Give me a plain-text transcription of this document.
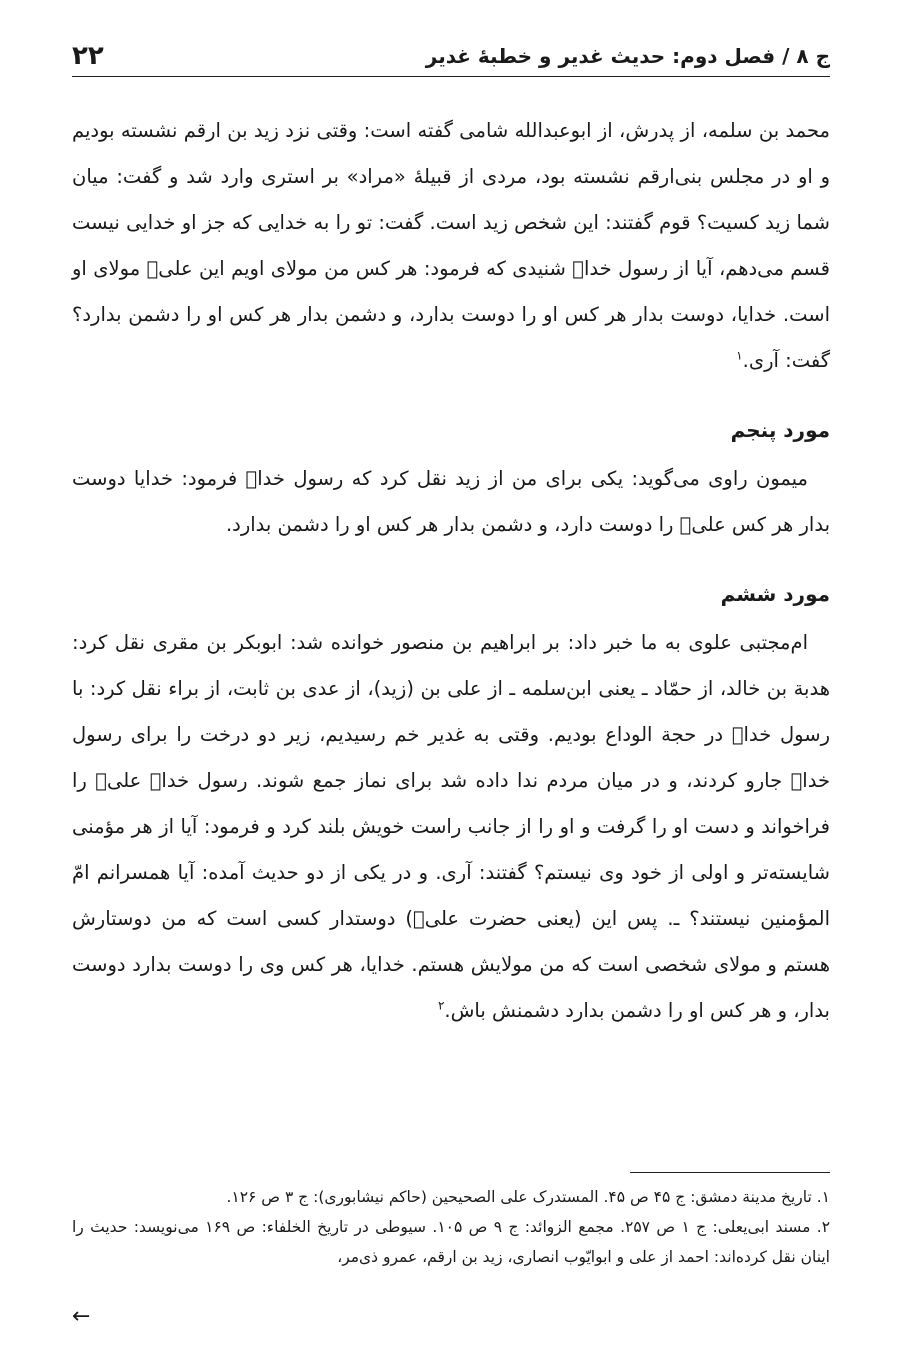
ج ۸ / فصل دوم: حدیث غدیر و خطبهٔ غدیر
۲۲

محمد بن سلمه، از پدرش، از ابوعبدالله شامی گفته است: وقتی نزد زید بن ارقم نشسته بودیم و او در مجلس بنی‌ارقم نشسته بود، مردی از قبیلهٔ «مراد» بر استری وارد شد و گفت: میان شما زید کسیت؟ قوم گفتند: این شخص زید است. گفت: تو را به خدایی که جز او خدایی نیست قسم می‌دهم، آیا از رسول خداﷺ شنیدی که فرمود: هر کس من مولای اویم این علیؑ مولای او است. خدایا، دوست بدار هر کس او را دوست بدارد، و دشمن بدار هر کس او را دشمن بدارد؟ گفت: آری.$^۱$

مورد پنجم

میمون راوی می‌گوید: یکی برای من از زید نقل کرد که رسول خداﷺ فرمود: خدایا دوست بدار هر کس علیؑ را دوست دارد، و دشمن بدار هر کس او را دشمن بدارد.

مورد ششم

ام‌مجتبی علوی به ما خبر داد: بر ابراهیم بن منصور خوانده شد: ابوبکر بن مقری نقل کرد: هدبة بن خالد، از حمّاد ـ یعنی ابن‌سلمه ـ از علی بن (زید)، از عدی بن ثابت، از براء نقل کرد: با رسول خداﷺ در حجة الوداع بودیم. وقتی به غدیر خم رسیدیم، زیر دو درخت را برای رسول خداﷺ جارو کردند، و در میان مردم ندا داده شد برای نماز جمع شوند. رسول خداﷺ علیؑ را فراخواند و دست او را گرفت و او را از جانب راست خویش بلند کرد و فرمود: آیا از هر مؤمنی شایسته‌تر و اولی از خود وی نیستم؟ گفتند: آری. و در یکی از دو حدیث آمده: آیا همسرانم امّ المؤمنین نیستند؟ ـ. پس این (یعنی حضرت علیؑ) دوستدار کسی است که من دوستارش هستم و مولای شخصی است که من مولایش هستم. خدایا، هر کس وی را دوست بدارد دوست بدار، و هر کس او را دشمن بدارد دشمنش باش.$^۲$

۱. تاریخ مدینة دمشق: ج ۴۵ ص ۴۵. المستدرک علی الصحیحین (حاکم نیشابوری): ج ۳ ص ۱۲۶.

۲. مسند ابی‌یعلی: ج ۱ ص ۲۵۷. مجمع الزوائد: ج ۹ ص ۱۰۵. سیوطی در تاریخ الخلفاء: ص ۱۶۹ می‌نویسد: حدیث را اینان نقل کرده‌اند: احمد از علی و ابوایّوب انصاری، زید بن ارقم، عمرو ذی‌مر،

←
